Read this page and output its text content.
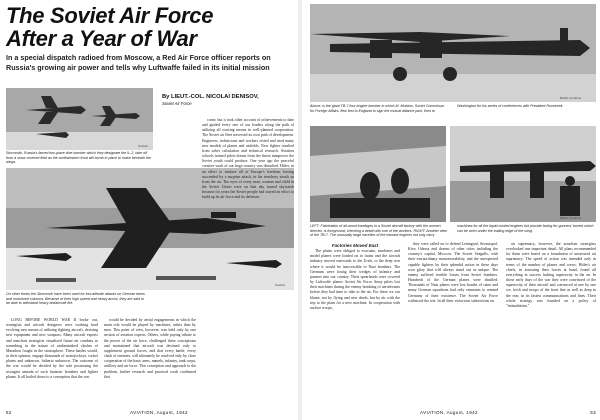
The Soviet Air Force
After a Year of War
In a special dispatch radioed from Moscow, a Red Air Force officer reports on Russia's growing air power and tells why Luftwaffe failed in its initial mission
Stormovik, Russia's famed two-place dive bomber which they designate the IL-2, take off from a snow covered field as the northwestern front will bomb in place to make beneath the wings.
Sovfoto
On other fronts the Stormovik have been used for low-altitude attacks on German tanks and motorized columns. Because of their high speed and heavy armor, they are said to be able to withstand heavy antiaircraft fire.
Sovfoto
By LIEUT.-COL. NICOLAI DENISOV,
Soviet Air Force

LONG BEFORE WORLD WAR II broke out, strategists and aircraft designers were working hard evolving new means of utilizing fighting aircraft, devising new equipment and new weapons. Many aircraft experts and armchair strategists visualized future air combats as something in the nature of undiminished clashes of Marathon fought in the stratosphere. These battles would, in their opinion, engage thousands of stratojockeys, rocket planes and unknown, hitherto unknown. The outcome of the war would be decided by the sole possessing the strongest armada of such fantastic bombers and fighter planes. It all boiled down to a conception that the war

would be decided by aerial engagements in which the main role would be played by machines, rather than by men. This point of view, however, was held only by one section of aviation experts. Others, while paying tribute to the power of the air force, challenged these conceptions and maintained that aircraft was destined only to supplement ground forces, and that every battle, every clash of enemies, will ultimately be resolved only by close cooperation of the basic arms, namely, infantry, tank corps, artillery and air force. This conception and approach to the problem, further research and practical work confirmed that

come, but it took other account of achievements to date and guided every one of our leaders along the path of utilizing all existing means in well-planned cooperation. The Soviet air fleet traversed its own path of development. Engineers, technicians and workers tested and tried many new models of planes and airfields. New fighter resulted from sober calculation and technical research. Aviation schools trained pilots drawn from the finest manpower the Soviet youth could produce. One year ago the peaceful creative work of our large country was disturbed. Hitler, in an effort to enslave all of Europe's freedom, having succeeded by a surprise attack, in his treachery struck us from the air. The eyes of every man, woman and child in the Soviet Union were on that day turned skywards because for years the Soviet people had stayed an effort to build up its air force and its defenses.

52	AVIATION, August, 1942
Above: is the giant TB-7 four engine bomber in which M. Molotov, Soviet Commissar for Foreign Affairs, flew first to England to sign the mutual alliance pact, then to Washington for his series of conferences with President Roosevelt.
British Combine
LEFT: Fabrication of all-wood fuselages in a Soviet aircraft factory with the women director, is foreground, checking a detail with one of the workers. RIGHT: Another view of the TB-7. The unusually large nacelles of the inboard engines not only carry machines for all the liquid-cooled engines but provide facing for gunners' turrets which can be seen under the trailing edge of the wing.
British Combine
Factories Moved East

The plants were obliged to evacuate, machines and model planes were loaded on to trains and the aircraft industry moved eastwards to the Urals, to the deep rear where it would be inaccessible to Nazi bombers. The Germans were losing their wedges of infantry and panzers into our country. Their spearheads were covered by Luftwaffe planes. Soviet Air Force Army pilots lost their machines during the enemy bombing of aerodromes before they had time to take to the air. For these we our blame, not by flying and new deeds, but by air with the trip to the plant for a new machine. In cooperation with surface troops,

they were called on to defend Leningrad, Sevastopol, Kiev, Odessa and dozens of other cities including the country's capital, Moscow. The Soviet Seagulls, with their extraordinary manoeuvrability, and the unexpected capable fighters by their splendid action in these days won glory that will always stand out as unique. The enemy suffered terrible losses from Soviet bombers. Hundreds of the German planes were shuttled. Thousands of Nazi planes were lost bombs of rains and many German squadrons had only remnants to remind Germany of their existence. The Soviet Air Force withstood the test. In all their victorious subsections on

air supremacy, however, the armchair strategists overlooked one important detail. All plans recommended for them were based on a foundation of unsecured air supremacy. The speed of action was intended only in terms of the number of planes and crews. Hitler's air chiefs, in assessing their forces at hand, found all everything in success lacking superiority in the air. In those early days of the war they were convinced of the superiority of their aircraft and convinced at one by one we, fresh and troops of the front line as well as deep in the rear, in its fastest communications and lines. Their whole strategy was founded on a policy of "intimidation."

AVIATION, August, 1942	53
